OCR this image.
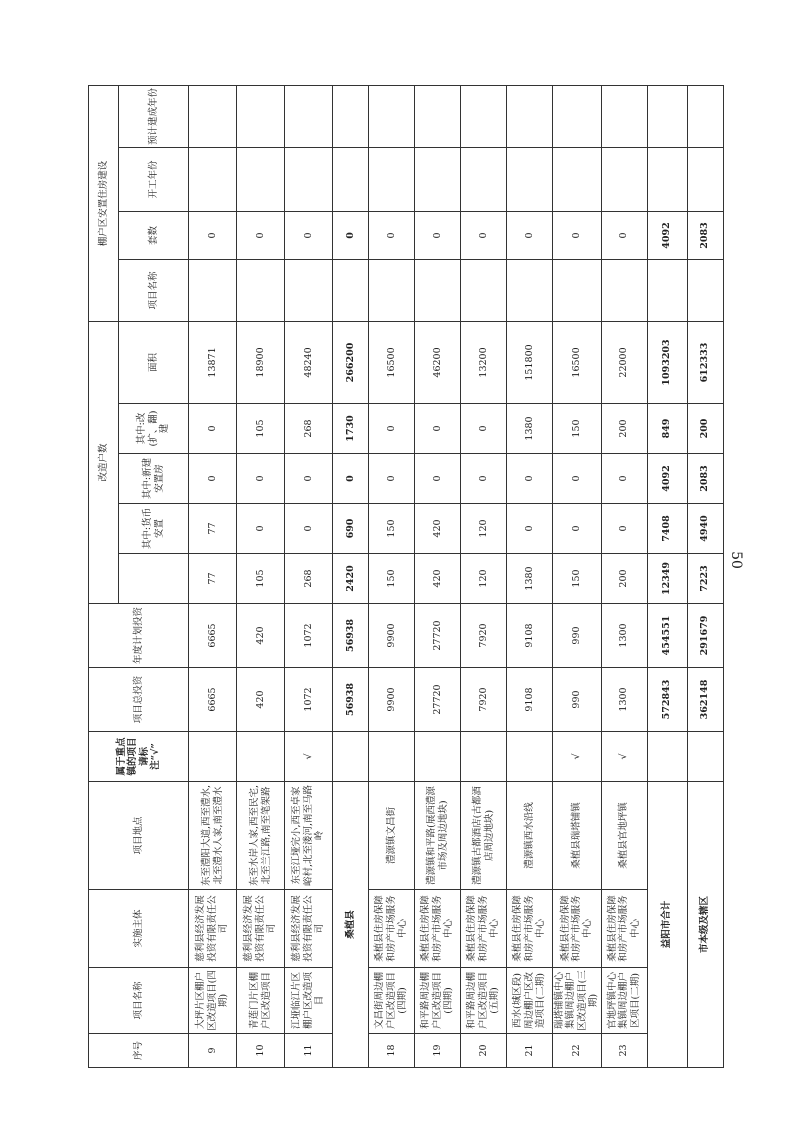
序号	项目名称	实施主体	项目地点	属于重点镇的项目请标注“√”	项目总投资	年度计划投资	改造户数					棚户区安置住房建设			
								其中:货币安置	其中:新建安置房	其中:改(扩、翻)建	面积	项目名称	套数	开工年份	预计建成年份
9	大坪片区棚户区改造项目(四期)	慈利县经济发展投资有限责任公司	东至澧阳大道,西至澧水,北至澧水人家,南至澧水		6665	6665	77	77	0	0	13871		0		
10	青莲门片区棚户区改造项目	慈利县经济发展投资有限责任公司	东至水岸人家,西至民宅,北至兰江路,南至笔架路		420	420	105	0	0	105	18900		0		
11	江垭临江片区棚户区改造项目	慈利县经济发展投资有限责任公司	东至江垭完小,西至卓家峪村,北至溇河,南至马路岭	√	1072	1072	268	0	0	268	48240		0		
桑植县					56938	56938	2420	690	0	1730	266200		0		
18	文昌街周边棚户区改造项目(四期)	桑植县住房保障和房产市场服务中心	澧源镇文昌街		9900	9900	150	150	0	0	16500		0		
19	和平路周边棚户区改造项目(四期)	桑植县住房保障和房产市场服务中心	澧源镇和平路(展西澧源市场及周边地块)		27720	27720	420	420	0	0	46200		0		
20	和平路周边棚户区改造项目(五期)	桑植县住房保障和房产市场服务中心	澧源镇古都酒店(古都酒店周边地块)		7920	7920	120	120	0	0	13200		0		
21	西水(城区段)周边棚户区改造项目(二期)	桑植县住房保障和房产市场服务中心	澧源镇西水沿线		9108	9108	1380	0	0	1380	151800		0		
22	瑞塔铺镇中心集镇周边棚户区改造项目(三期)	桑植县住房保障和房产市场服务中心	桑植县瑞塔铺镇	√	990	990	150	0	0	150	16500		0		
23	官地坪镇中心集镇周边棚户区项目(二期)	桑植县住房保障和房产市场服务中心	桑植县官地坪镇	√	1300	1300	200	0	0	200	22000		0		
益阳市合计					572843	454551	12349	7408	4092	849	1093203		4092		
市本级及辖区					362148	291679	7223	4940	2083	200	612333		2083		
50
